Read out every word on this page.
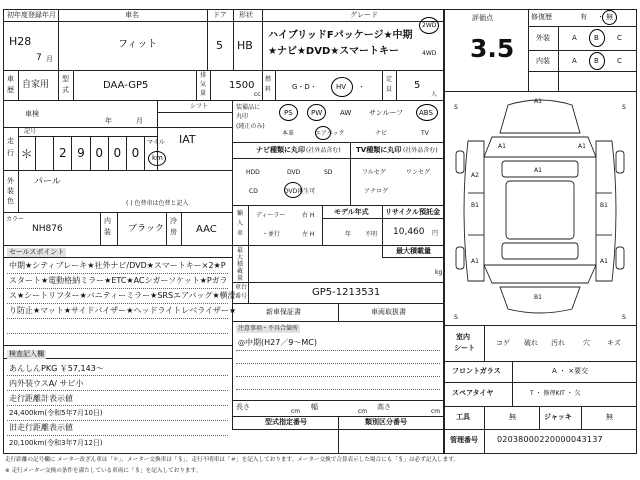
初年度登録年月	車名	ドア 形状	グレード
H28
7 月
フィット	5 HB
ハイブリッドFパッケージ★中期
★ナビ★DVD★スマートキー
2WD
4WD
車
歴 自家用
型
式	DAA-GP5
排
気
量
1500
cc
燃
料	G・D・	HV ・
定
員 5
人
車検
年	月
シフト
IAT
走
行
記号
＊	2 9 0 0 0
マイル
km
外
装
色
パール
( ) 色替車は色替と記入
カラー
NH876
内
装 ブラック
冷
房 AAC
装備品に
丸印
(純正のみ)
PS	PW	AW	サンルーフ ABS
本革	エアバック	ナビ	TV
ナビ種類に丸印 (社外品含む)
HDD	DVD	SD
CD	DVD再生可
TV種類に丸印 (社外品含む)
フルセグ	ワンセグ
アナログ
輸
入
車
ディーラー
・並行
右 H
左 H
モデル年式
年 不明
リサイクル預託金
10,460 円
最
大
積
載
量
最大積載量
kg
車台
番号	GP5-1213531
セールスポイント
中期★シティブレーキ★社外ナビ/DVD★スマートキー×2★P
スタート★電動格納ミラー★ETC★ACシガーソケット★Pガラ
ス★シートリフター★バニティーミラー★SRSエアバッグ★横滑
り防止★マット★サイドバイザー★ヘッドライトレベライザー★
検査記入欄
あんしんPKG ￥57,143～
内外装ウスA/ サビ小
走行距離計表示値
24,400km(令和5年7月10日)
旧走行距離表示値
20,100km(令和3年7月12日)
新車保証書	車両取扱書
注意事項・不具合箇所
◎中期(H27／9～MC)
長さ
cm
幅
cm
高さ
cm
型式指定番号	類別区分番号
評価点
3.5
修復歴	有 ・ 無
外装	A B	C
内装	A B	C
A1
A1	A1
A1
A2
B1	B1
A1	A1
B1
S	S
S	S
室内
シート
コゲ 破れ 汚れ	穴 キズ
フロントガラス	A ・ ×要交
スペアタイヤ	T ・ 修理KIT ・ 欠
工具	無	ジャッキ	無
管理番号 02038000220000043137
走行距離の記号欄に メーター改ざん車は「＊」、メーター交換車は「＄」、走行不明車は「＃」を記入しております。メーター交換で合算表示した場合にも「＄」は必ず記入します。
※ 走行メーター交換の条件を満たしている車両に「＄」を記入しております。
